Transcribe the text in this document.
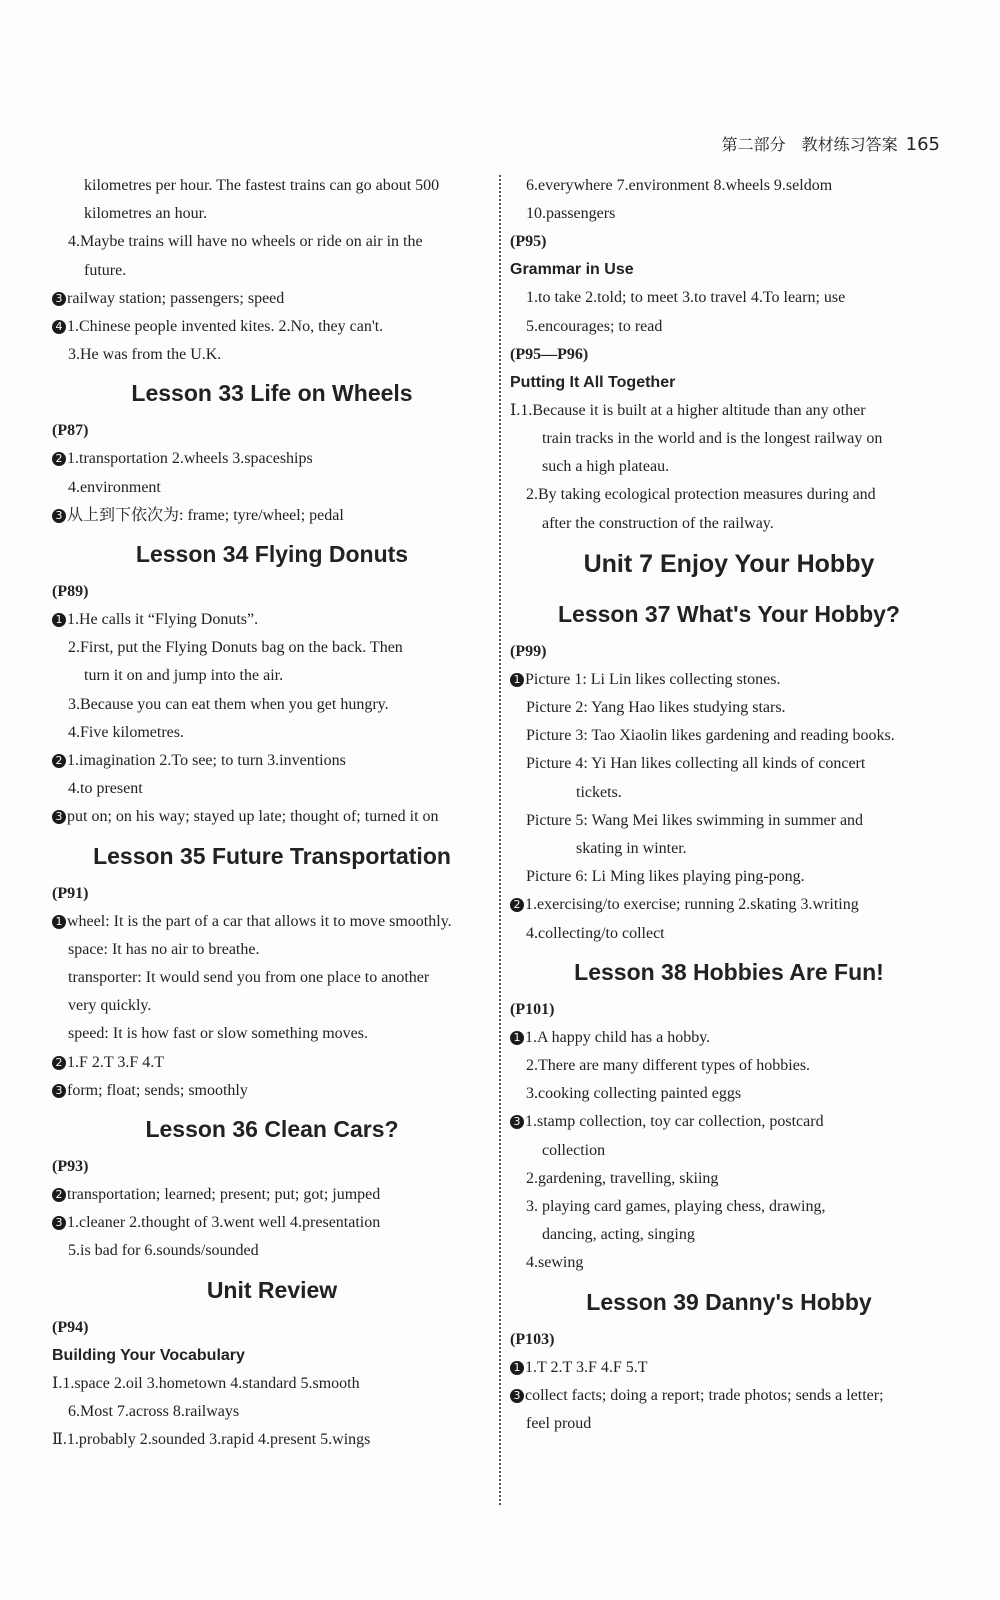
第二部分　教材练习答案 165
kilometres per hour. The fastest trains can go about 500
kilometres an hour.
4.Maybe trains will have no wheels or ride on air in the
future.
3 railway station; passengers; speed
4 1.Chinese people invented kites. 2.No, they can't.
3.He was from the U.K.
Lesson 33 Life on Wheels
(P87)
2 1.transportation 2.wheels 3.spaceships
4.environment
3 从上到下依次为: frame; tyre/wheel; pedal
Lesson 34 Flying Donuts
(P89)
1 1.He calls it “Flying Donuts”.
2.First, put the Flying Donuts bag on the back. Then
turn it on and jump into the air.
3.Because you can eat them when you get hungry.
4.Five kilometres.
2 1.imagination 2.To see; to turn 3.inventions
4.to present
3 put on; on his way; stayed up late; thought of; turned it on
Lesson 35 Future Transportation
(P91)
1 wheel: It is the part of a car that allows it to move smoothly.
space: It has no air to breathe.
transporter: It would send you from one place to another
very quickly.
speed: It is how fast or slow something moves.
2 1.F 2.T 3.F 4.T
3 form; float; sends; smoothly
Lesson 36 Clean Cars?
(P93)
2 transportation; learned; present; put; got; jumped
3 1.cleaner 2.thought of 3.went well 4.presentation
5.is bad for 6.sounds/sounded
Unit Review
(P94)
Building Your Vocabulary
Ⅰ.1.space 2.oil 3.hometown 4.standard 5.smooth
6.Most 7.across 8.railways
Ⅱ.1.probably 2.sounded 3.rapid 4.present 5.wings
6.everywhere 7.environment 8.wheels 9.seldom
10.passengers
(P95)
Grammar in Use
1.to take 2.told; to meet 3.to travel 4.To learn; use
5.encourages; to read
(P95—P96)
Putting It All Together
Ⅰ.1.Because it is built at a higher altitude than any other
train tracks in the world and is the longest railway on
such a high plateau.
2.By taking ecological protection measures during and
after the construction of the railway.
Unit 7 Enjoy Your Hobby
Lesson 37 What's Your Hobby?
(P99)
1 Picture 1: Li Lin likes collecting stones.
Picture 2: Yang Hao likes studying stars.
Picture 3: Tao Xiaolin likes gardening and reading books.
Picture 4: Yi Han likes collecting all kinds of concert
tickets.
Picture 5: Wang Mei likes swimming in summer and
skating in winter.
Picture 6: Li Ming likes playing ping-pong.
2 1.exercising/to exercise; running 2.skating 3.writing
4.collecting/to collect
Lesson 38 Hobbies Are Fun!
(P101)
1 1.A happy child has a hobby.
2.There are many different types of hobbies.
3.cooking collecting painted eggs
3 1.stamp collection, toy car collection, postcard
collection
2.gardening, travelling, skiing
3. playing card games, playing chess, drawing,
dancing, acting, singing
4.sewing
Lesson 39 Danny's Hobby
(P103)
1 1.T 2.T 3.F 4.F 5.T
3 collect facts; doing a report; trade photos; sends a letter;
feel proud
